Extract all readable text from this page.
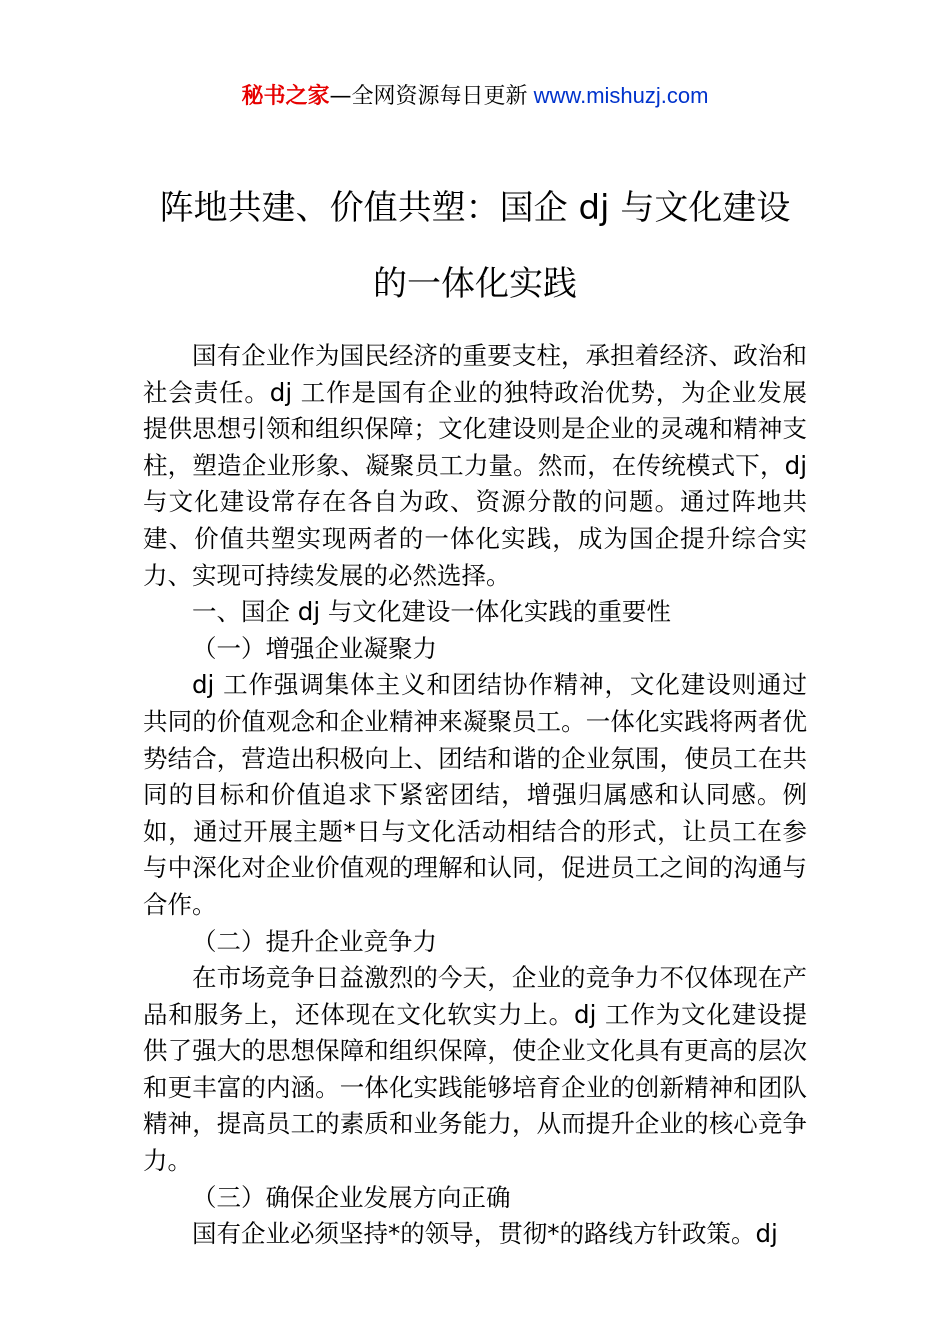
秘书之家—全网资源每日更新 www.mishuzj.com
阵地共建、价值共塑：国企 dj 与文化建设
的一体化实践

国有企业作为国民经济的重要支柱，承担着经济、政治和社会责任。dj 工作是国有企业的独特政治优势，为企业发展提供思想引领和组织保障；文化建设则是企业的灵魂和精神支柱，塑造企业形象、凝聚员工力量。然而，在传统模式下，dj 与文化建设常存在各自为政、资源分散的问题。通过阵地共建、价值共塑实现两者的一体化实践，成为国企提升综合实力、实现可持续发展的必然选择。

一、国企 dj 与文化建设一体化实践的重要性

（一）增强企业凝聚力

dj 工作强调集体主义和团结协作精神，文化建设则通过共同的价值观念和企业精神来凝聚员工。一体化实践将两者优势结合，营造出积极向上、团结和谐的企业氛围，使员工在共同的目标和价值追求下紧密团结，增强归属感和认同感。例如，通过开展主题*日与文化活动相结合的形式，让员工在参与中深化对企业价值观的理解和认同，促进员工之间的沟通与合作。

（二）提升企业竞争力

在市场竞争日益激烈的今天，企业的竞争力不仅体现在产品和服务上，还体现在文化软实力上。dj 工作为文化建设提供了强大的思想保障和组织保障，使企业文化具有更高的层次和更丰富的内涵。一体化实践能够培育企业的创新精神和团队精神，提高员工的素质和业务能力，从而提升企业的核心竞争力。

（三）确保企业发展方向正确

国有企业必须坚持*的领导，贯彻*的路线方针政策。dj
